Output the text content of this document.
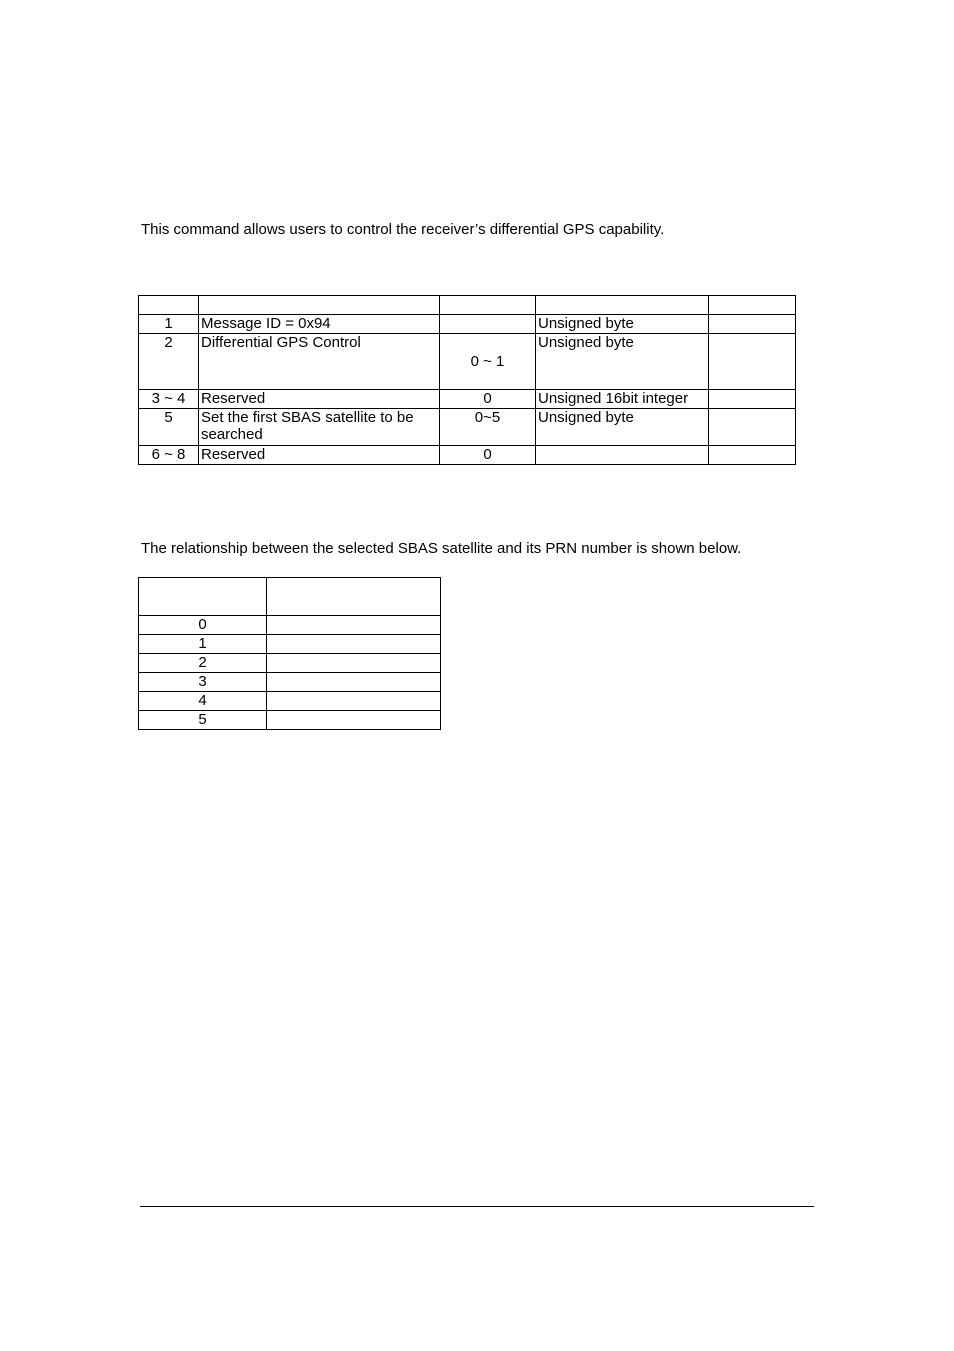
This command allows users to control the receiver’s differential GPS capability.

1	Message ID = 0x94		Unsigned byte	
2	Differential GPS Control	0 ~ 1	Unsigned byte	
3 ~ 4	Reserved	0	Unsigned 16bit integer	
5	Set the first SBAS satellite to be searched	0~5	Unsigned byte	
6 ~ 8	Reserved	0		

The relationship between the selected SBAS satellite and its PRN number is shown below.

0	
1	
2	
3	
4	
5	
